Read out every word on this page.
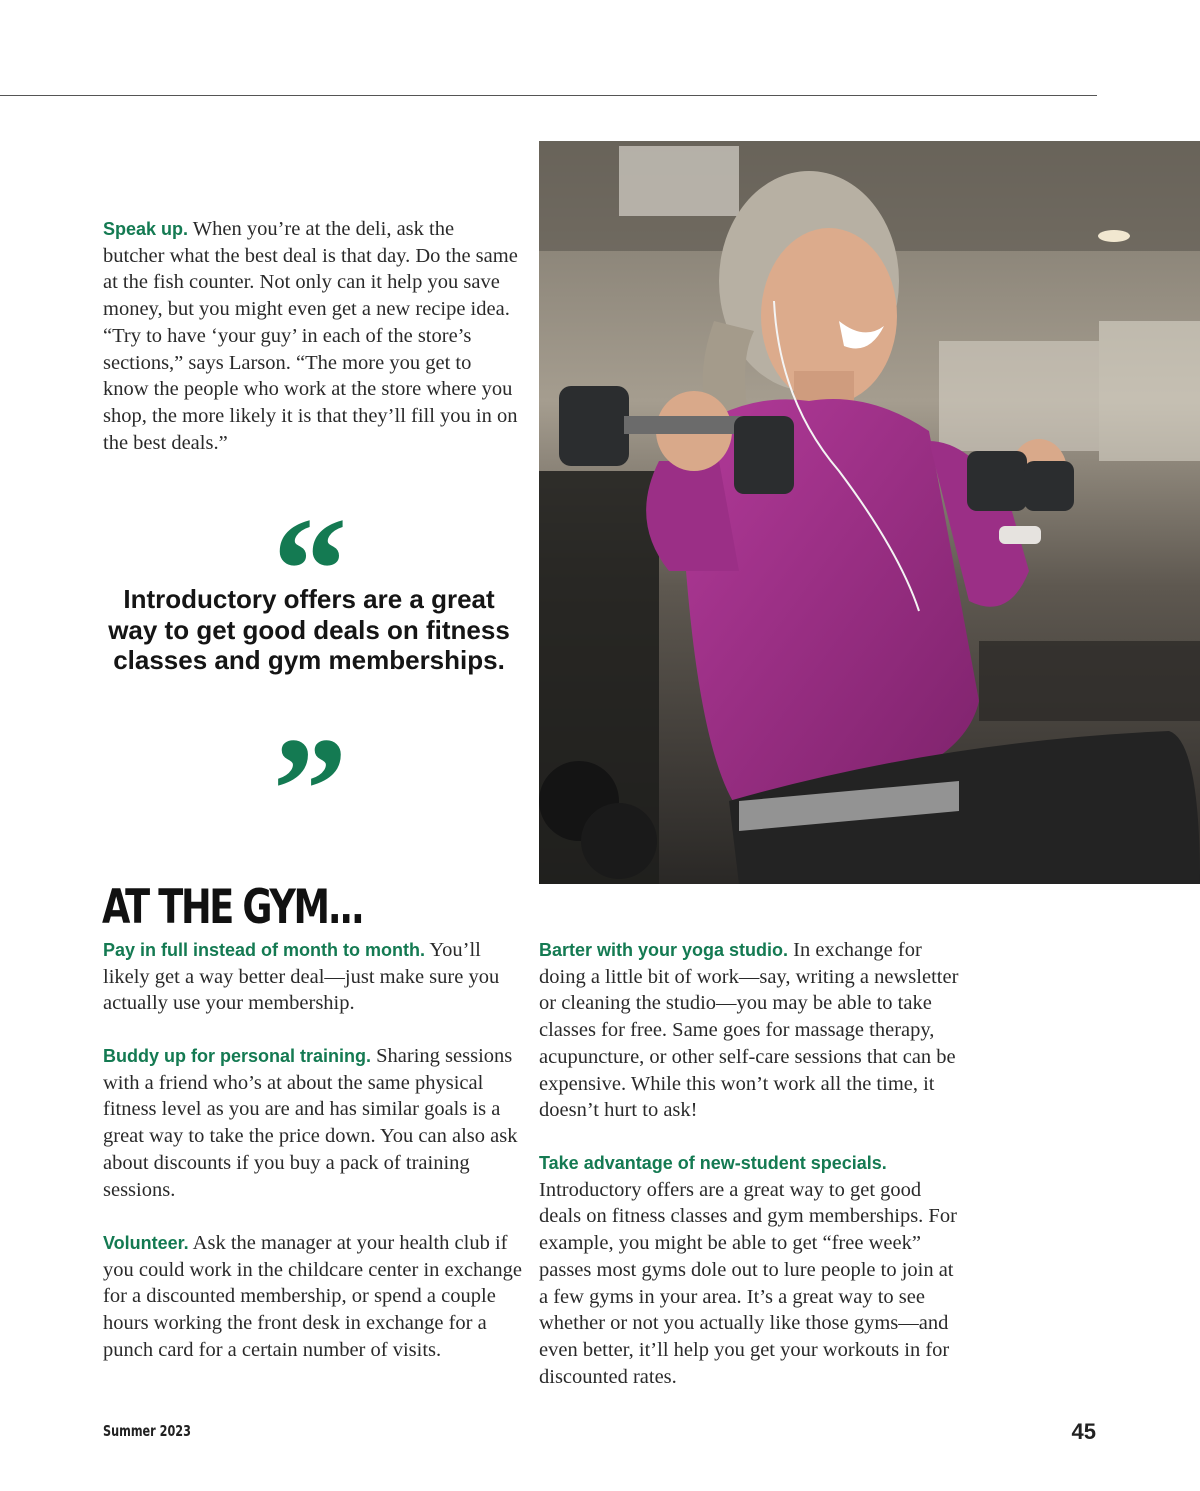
Speak up. When you’re at the deli, ask the butcher what the best deal is that day. Do the same at the fish counter. Not only can it help you save money, but you might even get a new recipe idea. “Try to have ‘your guy’ in each of the store’s sections,” says Larson. “The more you get to know the people who work at the store where you shop, the more likely it is that they’ll fill you in on the best deals.”

“

Introductory offers are a great way to get good deals on fitness classes and gym memberships.

”
AT THE GYM...

Pay in full instead of month to month. You’ll likely get a way better deal—just make sure you actually use your membership.

Buddy up for personal training. Sharing sessions with a friend who’s at about the same physical fitness level as you are and has similar goals is a great way to take the price down. You can also ask about discounts if you buy a pack of training sessions.

Volunteer. Ask the manager at your health club if you could work in the childcare center in exchange for a discounted membership, or spend a couple hours working the front desk in exchange for a punch card for a certain number of visits.

Barter with your yoga studio. In exchange for doing a little bit of work—say, writing a newsletter or cleaning the studio—you may be able to take classes for free. Same goes for massage therapy, acupuncture, or other self-care sessions that can be expensive. While this won’t work all the time, it doesn’t hurt to ask!

Take advantage of new-student specials. Introductory offers are a great way to get good deals on fitness classes and gym memberships. For example, you might be able to get “free week” passes most gyms dole out to lure people to join at a few gyms in your area. It’s a great way to see whether or not you actually like those gyms—and even better, it’ll help you get your workouts in for discounted rates.

Summer 2023	45
